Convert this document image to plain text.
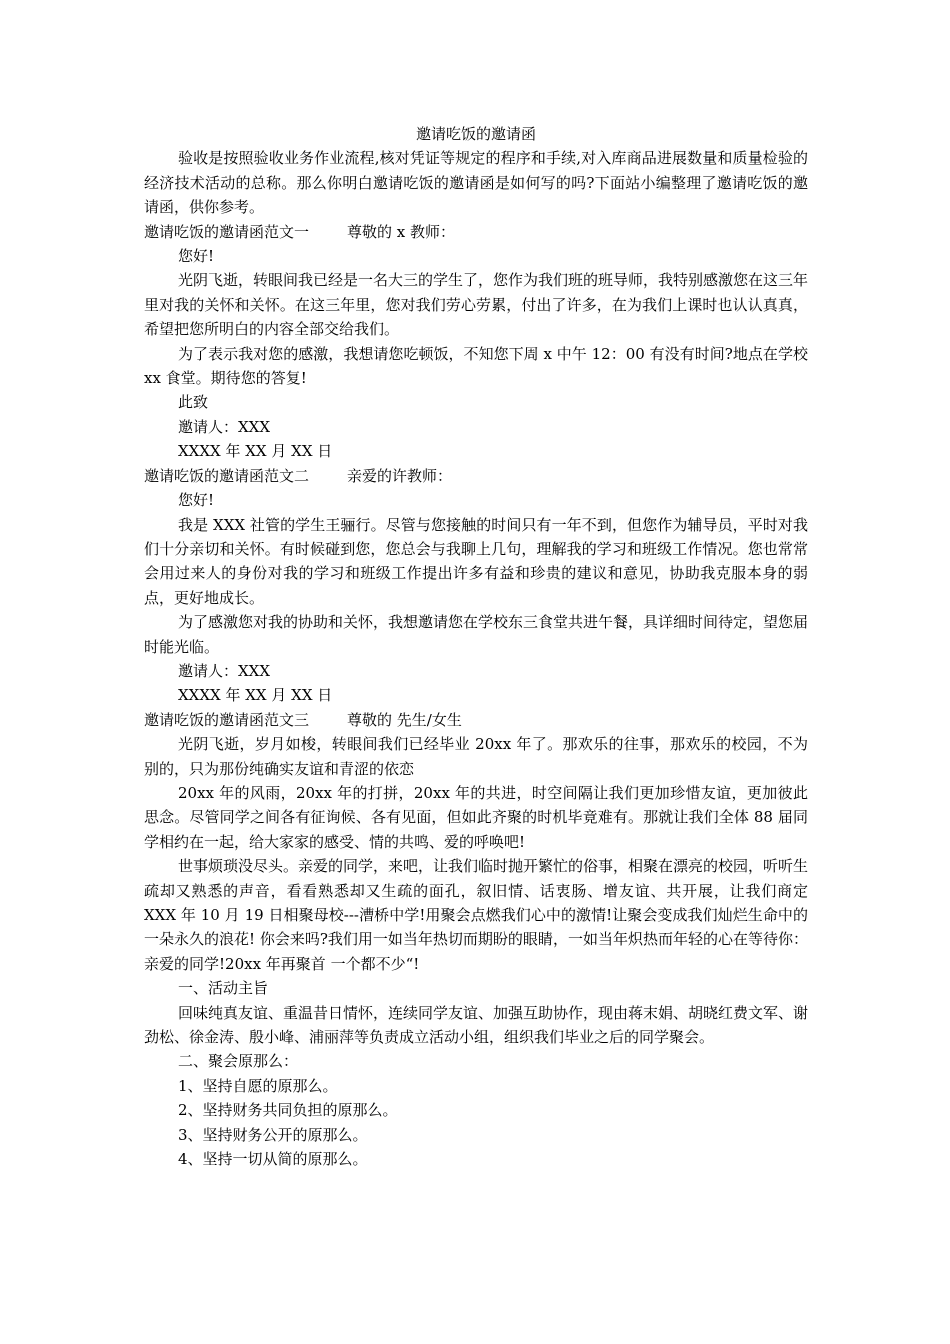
邀请吃饭的邀请函

验收是按照验收业务作业流程,核对凭证等规定的程序和手续,对入库商品进展数量和质量检验的经济技术活动的总称。那么你明白邀请吃饭的邀请函是如何写的吗?下面站小编整理了邀请吃饭的邀请函，供你参考。

邀请吃饭的邀请函范文一	尊敬的 x 教师：

您好!

光阴飞逝，转眼间我已经是一名大三的学生了，您作为我们班的班导师，我特别感激您在这三年里对我的关怀和关怀。在这三年里，您对我们劳心劳累，付出了许多，在为我们上课时也认认真真，希望把您所明白的内容全部交给我们。

为了表示我对您的感激，我想请您吃顿饭，不知您下周 x 中午 12：00 有没有时间?地点在学校 xx 食堂。期待您的答复!

此致

邀请人：XXX

XXXX 年 XX 月 XX 日

邀请吃饭的邀请函范文二	亲爱的许教师：

您好!

我是 XXX 社管的学生王骊行。尽管与您接触的时间只有一年不到，但您作为辅导员，平时对我们十分亲切和关怀。有时候碰到您，您总会与我聊上几句，理解我的学习和班级工作情况。您也常常会用过来人的身份对我的学习和班级工作提出许多有益和珍贵的建议和意见，协助我克服本身的弱点，更好地成长。

为了感激您对我的协助和关怀，我想邀请您在学校东三食堂共进午餐，具详细时间待定，望您届时能光临。

邀请人：XXX

XXXX 年 XX 月 XX 日

邀请吃饭的邀请函范文三	尊敬的 先生/女生

光阴飞逝，岁月如梭，转眼间我们已经毕业 20xx 年了。那欢乐的往事，那欢乐的校园，不为别的，只为那份纯确实友谊和青涩的依恋

20xx 年的风雨，20xx 年的打拼，20xx 年的共进，时空间隔让我们更加珍惜友谊，更加彼此思念。尽管同学之间各有征询候、各有见面，但如此齐聚的时机毕竟难有。那就让我们全体 88 届同学相约在一起，给大家家的感受、情的共鸣、爱的呼唤吧!

世事烦琐没尽头。亲爱的同学，来吧，让我们临时抛开繁忙的俗事，相聚在漂亮的校园，听听生疏却又熟悉的声音，看看熟悉却又生疏的面孔，叙旧情、话衷肠、增友谊、共开展，让我们商定 XXX 年 10 月 19 日相聚母校---漕桥中学!用聚会点燃我们心中的激情!让聚会变成我们灿烂生命中的一朵永久的浪花! 你会来吗?我们用一如当年热切而期盼的眼睛，一如当年炽热而年轻的心在等待你：亲爱的同学!20xx 年再聚首 一个都不少“!

一、活动主旨

回味纯真友谊、重温昔日情怀，连续同学友谊、加强互助协作，现由蒋末娟、胡晓红费文军、谢劲松、徐金涛、殷小峰、浦丽萍等负责成立活动小组，组织我们毕业之后的同学聚会。

二、聚会原那么：

1、坚持自愿的原那么。

2、坚持财务共同负担的原那么。

3、坚持财务公开的原那么。

4、坚持一切从简的原那么。
